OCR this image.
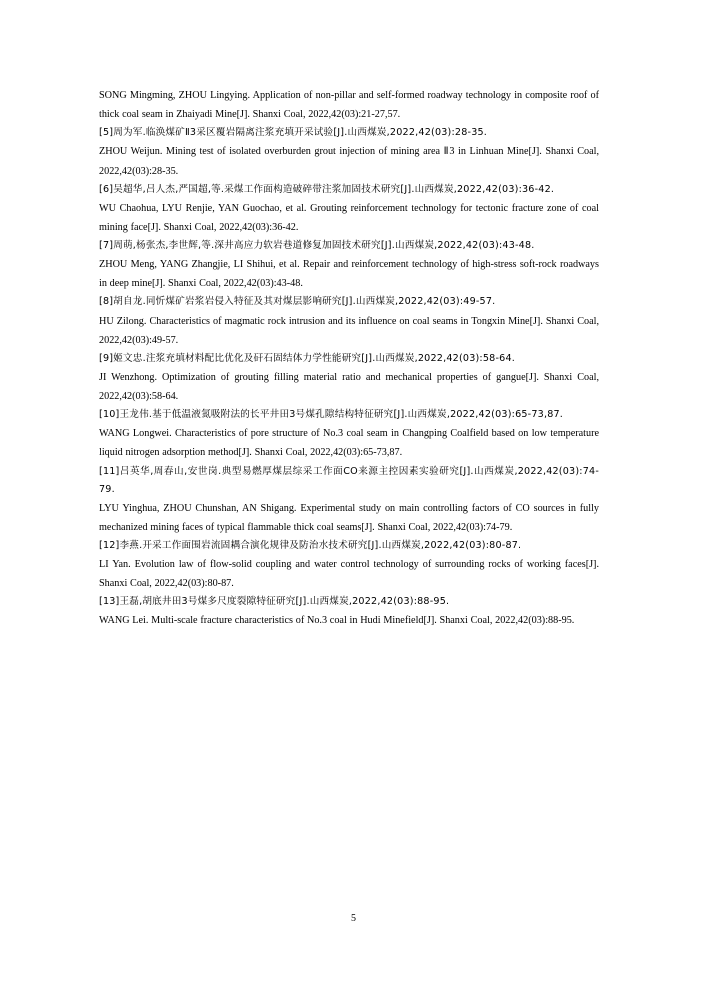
SONG Mingming, ZHOU Lingying. Application of non-pillar and self-formed roadway technology in composite roof of thick coal seam in Zhaiyadi Mine[J]. Shanxi Coal, 2022,42(03):21-27,57.

[5]周为军.临涣煤矿Ⅱ3采区覆岩隔离注浆充填开采试验[J].山西煤炭,2022,42(03):28-35.

ZHOU Weijun. Mining test of isolated overburden grout injection of mining area Ⅱ3 in Linhuan Mine[J]. Shanxi Coal, 2022,42(03):28-35.

[6]吴超华,吕人杰,严国超,等.采煤工作面构造破碎带注浆加固技术研究[J].山西煤炭,2022,42(03):36-42.

WU Chaohua, LYU Renjie, YAN Guochao, et al. Grouting reinforcement technology for tectonic fracture zone of coal mining face[J]. Shanxi Coal, 2022,42(03):36-42.

[7]周萌,杨张杰,李世辉,等.深井高应力软岩巷道修复加固技术研究[J].山西煤炭,2022,42(03):43-48.

ZHOU Meng, YANG Zhangjie, LI Shihui, et al. Repair and reinforcement technology of high-stress soft-rock roadways in deep mine[J]. Shanxi Coal, 2022,42(03):43-48.

[8]胡自龙.同忻煤矿岩浆岩侵入特征及其对煤层影响研究[J].山西煤炭,2022,42(03):49-57.

HU Zilong. Characteristics of magmatic rock intrusion and its influence on coal seams in Tongxin Mine[J]. Shanxi Coal, 2022,42(03):49-57.

[9]姬文忠.注浆充填材料配比优化及矸石固结体力学性能研究[J].山西煤炭,2022,42(03):58-64.

JI Wenzhong. Optimization of grouting filling material ratio and mechanical properties of gangue[J]. Shanxi Coal, 2022,42(03):58-64.

[10]王龙伟.基于低温液氮吸附法的长平井田3号煤孔隙结构特征研究[J].山西煤炭,2022,42(03):65-73,87.

WANG Longwei. Characteristics of pore structure of No.3 coal seam in Changping Coalfield based on low temperature liquid nitrogen adsorption method[J]. Shanxi Coal, 2022,42(03):65-73,87.

[11]吕英华,周春山,安世岗.典型易燃厚煤层综采工作面CO来源主控因素实验研究[J].山西煤炭,2022,42(03):74-79.

LYU Yinghua, ZHOU Chunshan, AN Shigang. Experimental study on main controlling factors of CO sources in fully mechanized mining faces of typical flammable thick coal seams[J]. Shanxi Coal, 2022,42(03):74-79.

[12]李燕.开采工作面围岩流固耦合演化规律及防治水技术研究[J].山西煤炭,2022,42(03):80-87.

LI Yan. Evolution law of flow-solid coupling and water control technology of surrounding rocks of working faces[J]. Shanxi Coal, 2022,42(03):80-87.

[13]王磊,胡底井田3号煤多尺度裂隙特征研究[J].山西煤炭,2022,42(03):88-95.

WANG Lei. Multi-scale fracture characteristics of No.3 coal in Hudi Minefield[J]. Shanxi Coal, 2022,42(03):88-95.

5
